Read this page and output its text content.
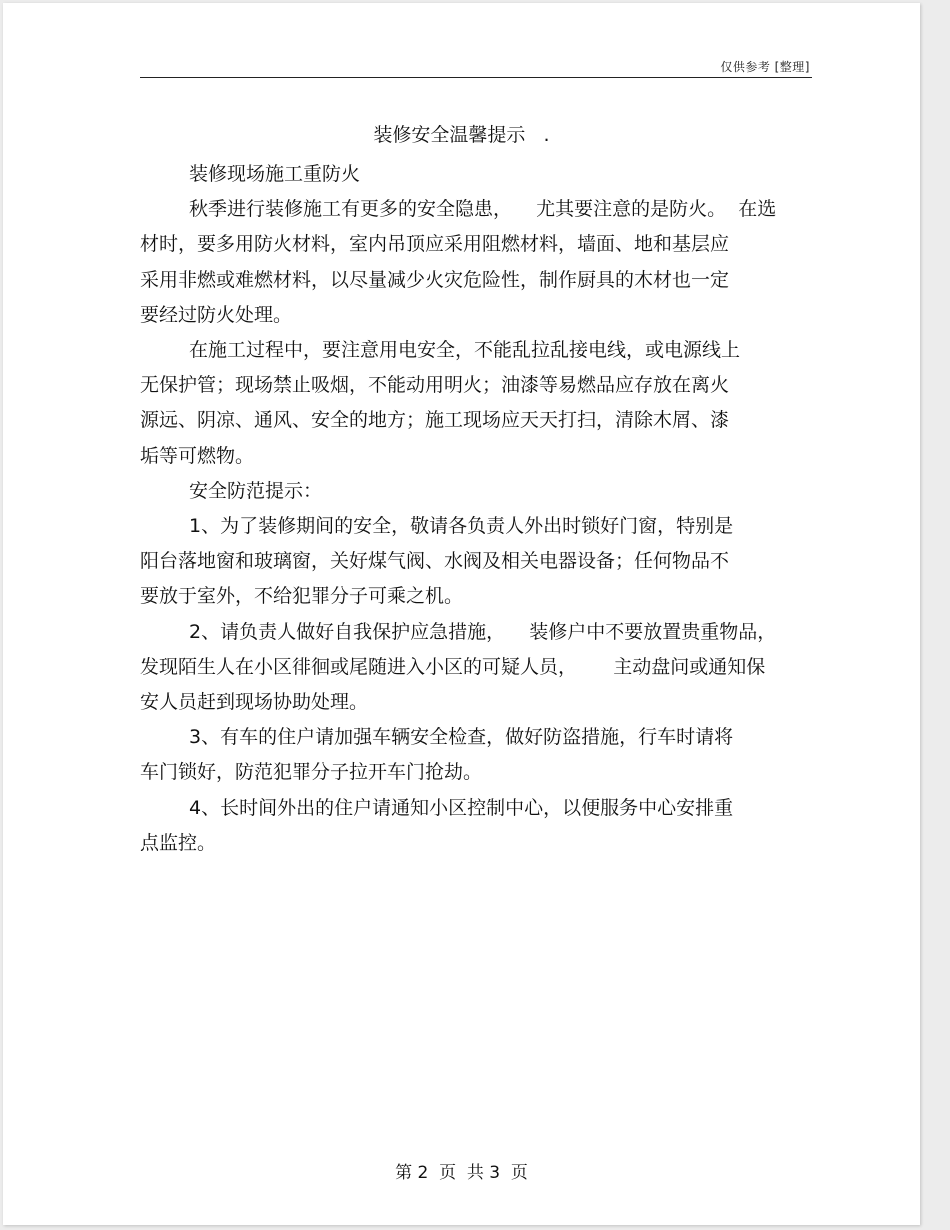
仅供参考 [整理]
装修安全温馨提示   .

装修现场施工重防火

秋季进行装修施工有更多的安全隐患，    尤其要注意的是防火。  在选
材时，要多用防火材料，室内吊顶应采用阻燃材料，墙面、地和基层应
采用非燃或难燃材料，以尽量减少火灾危险性，制作厨具的木材也一定
要经过防火处理。

在施工过程中，要注意用电安全，不能乱拉乱接电线，或电源线上
无保护管；现场禁止吸烟，不能动用明火；油漆等易燃品应存放在离火
源远、阴凉、通风、安全的地方；施工现场应天天打扫，清除木屑、漆
垢等可燃物。

安全防范提示：

1、为了装修期间的安全，敬请各负责人外出时锁好门窗，特别是
阳台落地窗和玻璃窗，关好煤气阀、水阀及相关电器设备；任何物品不
要放于室外，不给犯罪分子可乘之机。

2、请负责人做好自我保护应急措施，    装修户中不要放置贵重物品，
发现陌生人在小区徘徊或尾随进入小区的可疑人员，      主动盘问或通知保
安人员赶到现场协助处理。

3、有车的住户请加强车辆安全检查，做好防盗措施，行车时请将
车门锁好，防范犯罪分子拉开车门抢劫。

4、长时间外出的住户请通知小区控制中心，以便服务中心安排重
点监控。

第 2  页  共 3  页
